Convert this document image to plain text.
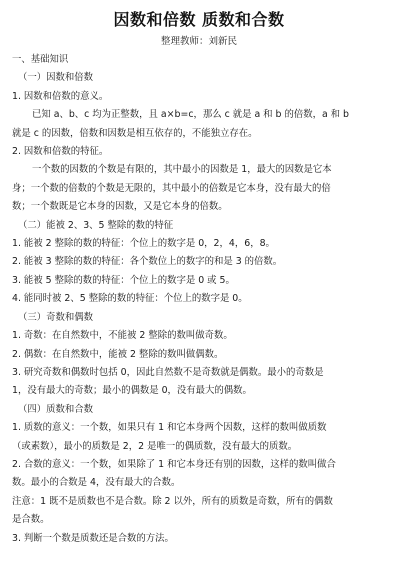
因数和倍数 质数和合数
整理教师：刘新民

一、基础知识

（一）因数和倍数

1. 因数和倍数的意义。

已知 a、b、c 均为正整数，且 a×b=c，那么 c 就是 a 和 b 的倍数，a 和 b

就是 c 的因数，倍数和因数是相互依存的，不能独立存在。

2. 因数和倍数的特征。

一个数的因数的个数是有限的，其中最小的因数是 1，最大的因数是它本

身；一个数的倍数的个数是无限的，其中最小的倍数是它本身，没有最大的倍

数；一个数既是它本身的因数，又是它本身的倍数。

（二）能被 2、3、5 整除的数的特征

1. 能被 2 整除的数的特征：个位上的数字是 0，2，4，6，8。

2. 能被 3 整除的数的特征：各个数位上的数字的和是 3 的倍数。

3. 能被 5 整除的数的特征：个位上的数字是 0 或 5。

4. 能同时被 2、5 整除的数的特征：个位上的数字是 0。

（三）奇数和偶数

1. 奇数：在自然数中，不能被 2 整除的数叫做奇数。

2. 偶数：在自然数中，能被 2 整除的数叫做偶数。

3. 研究奇数和偶数时包括 0，因此自然数不是奇数就是偶数。最小的奇数是

1，没有最大的奇数；最小的偶数是 0，没有最大的偶数。

（四）质数和合数

1. 质数的意义：一个数，如果只有 1 和它本身两个因数，这样的数叫做质数

（或素数），最小的质数是 2，2 是唯一的偶质数，没有最大的质数。

2. 合数的意义：一个数，如果除了 1 和它本身还有别的因数，这样的数叫做合

数。最小的合数是 4，没有最大的合数。

注意：1 既不是质数也不是合数。除 2 以外，所有的质数是奇数，所有的偶数

是合数。

3. 判断一个数是质数还是合数的方法。
